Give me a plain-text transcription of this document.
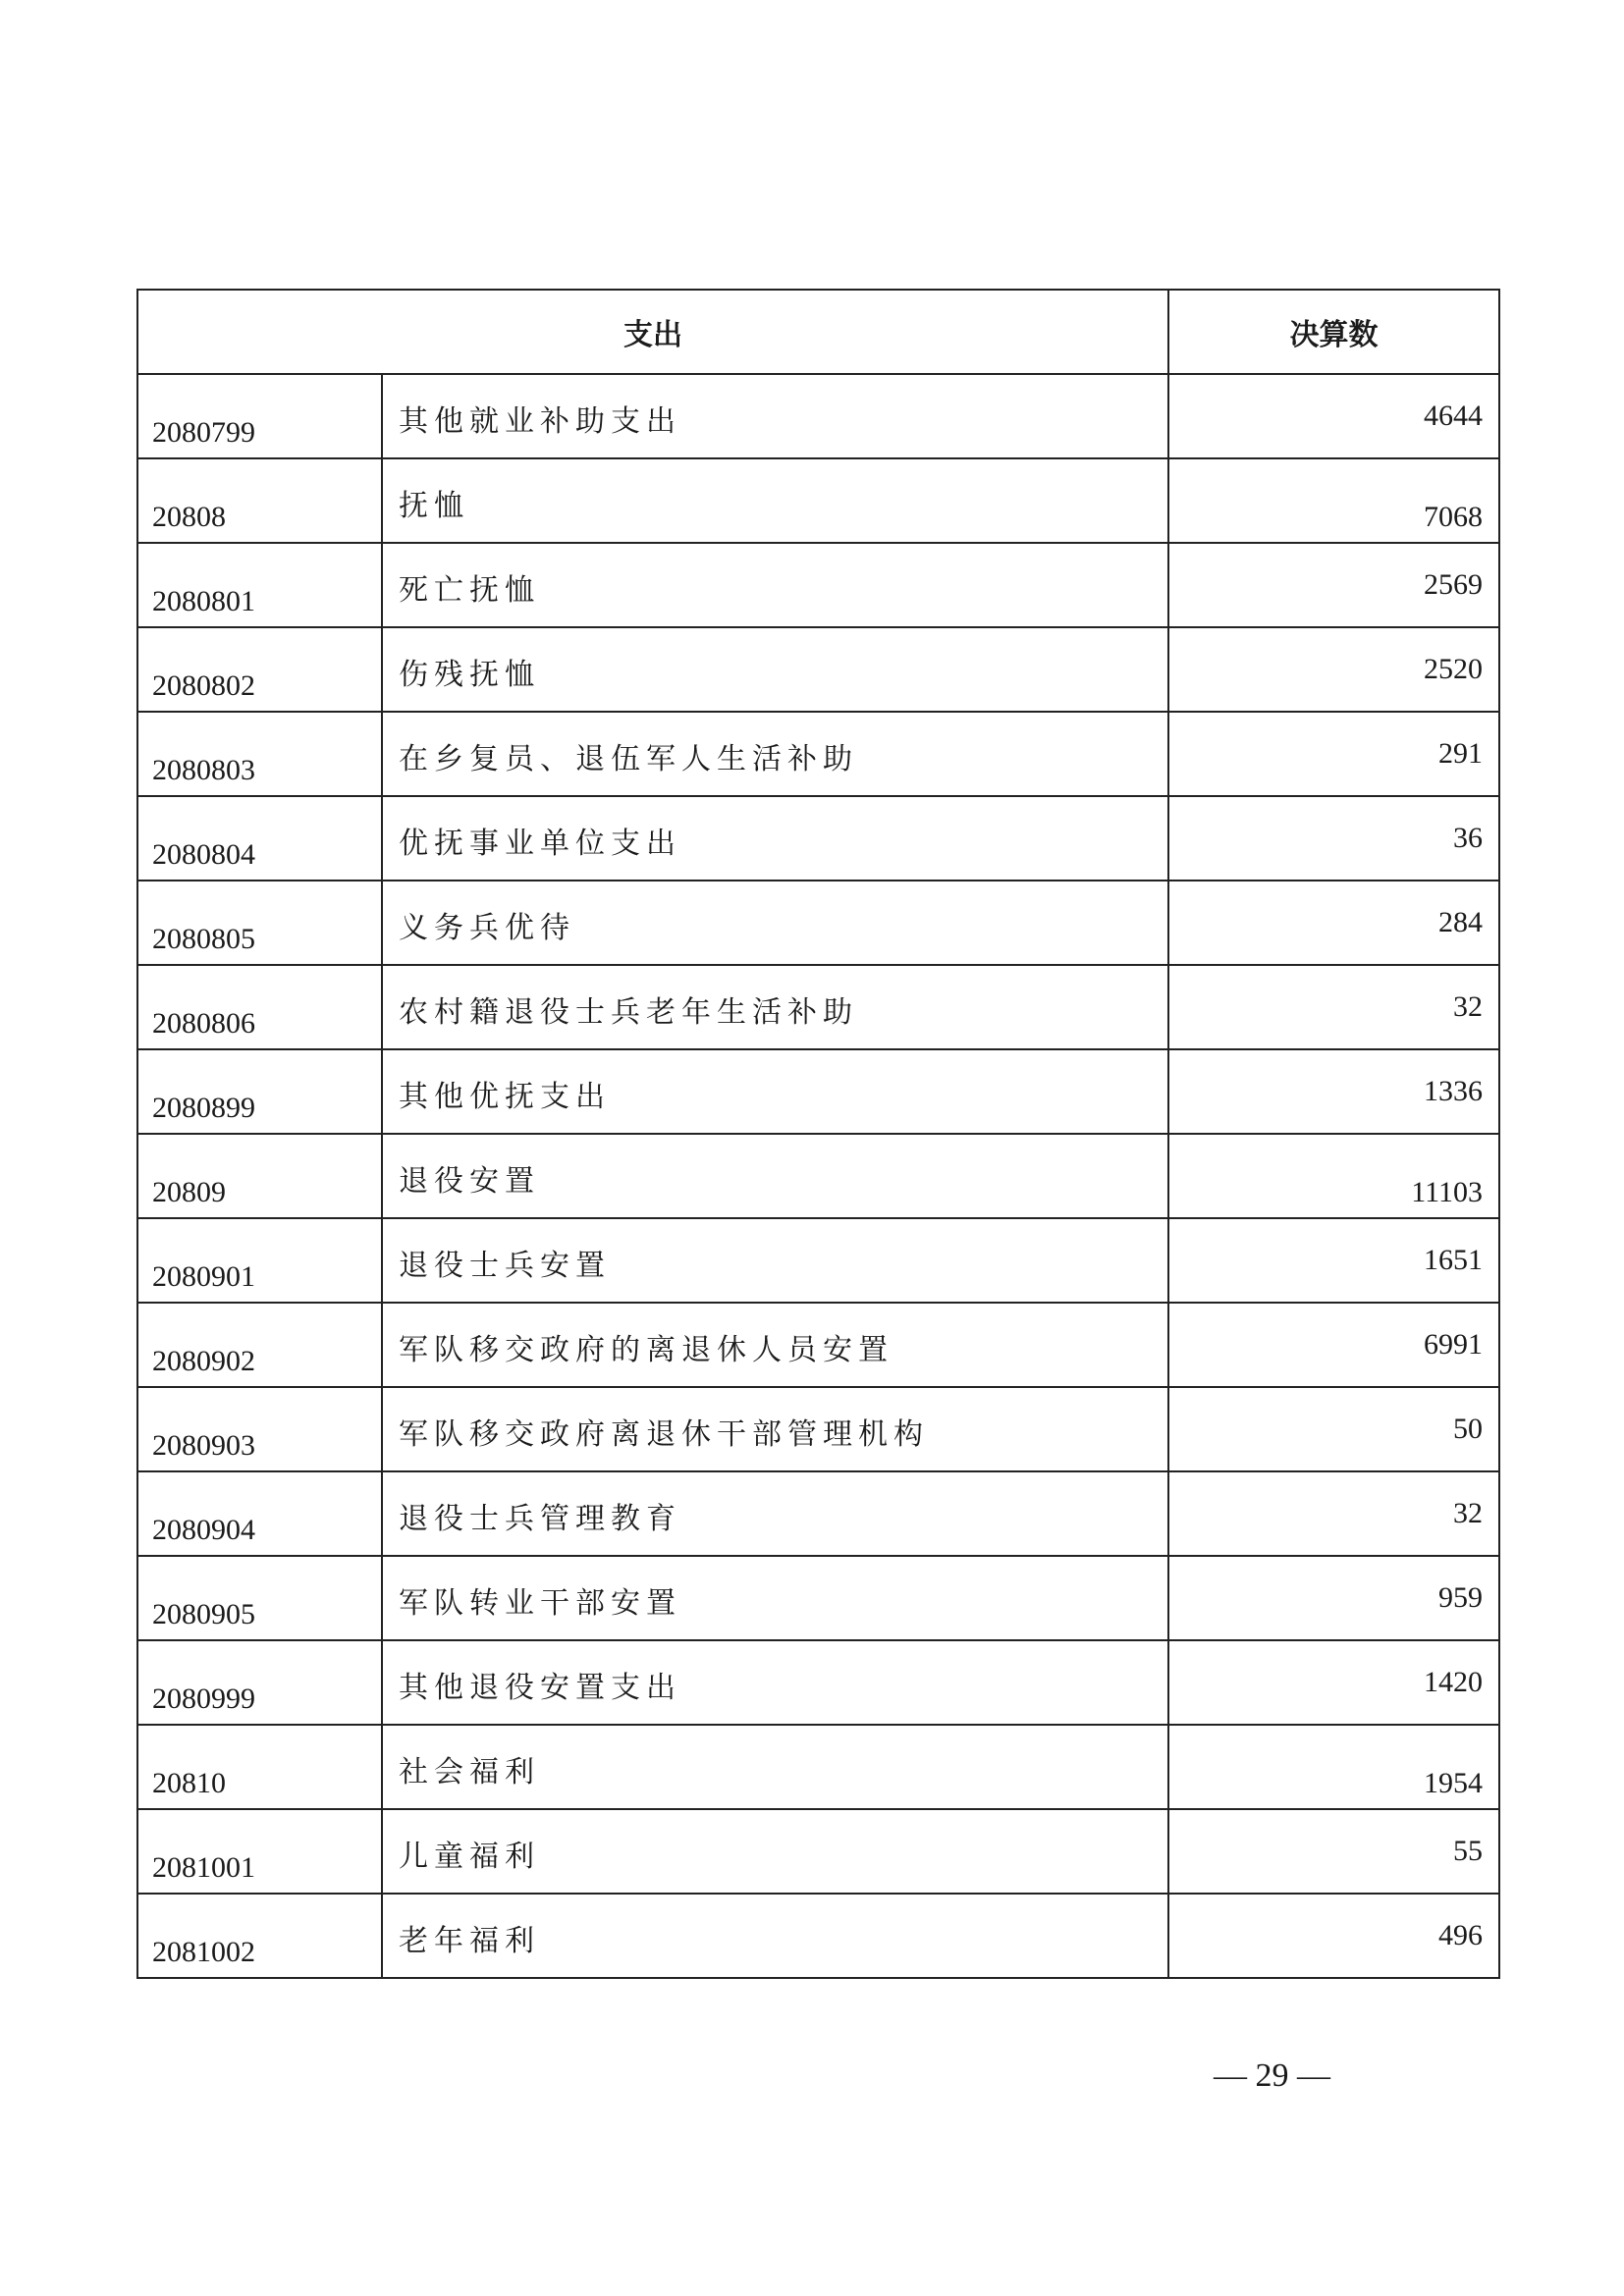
支出		决算数
2080799	其他就业补助支出	4644
20808	抚恤	7068
2080801	死亡抚恤	2569
2080802	伤残抚恤	2520
2080803	在乡复员、退伍军人生活补助	291
2080804	优抚事业单位支出	36
2080805	义务兵优待	284
2080806	农村籍退役士兵老年生活补助	32
2080899	其他优抚支出	1336
20809	退役安置	11103
2080901	退役士兵安置	1651
2080902	军队移交政府的离退休人员安置	6991
2080903	军队移交政府离退休干部管理机构	50
2080904	退役士兵管理教育	32
2080905	军队转业干部安置	959
2080999	其他退役安置支出	1420
20810	社会福利	1954
2081001	儿童福利	55
2081002	老年福利	496
— 29 —
